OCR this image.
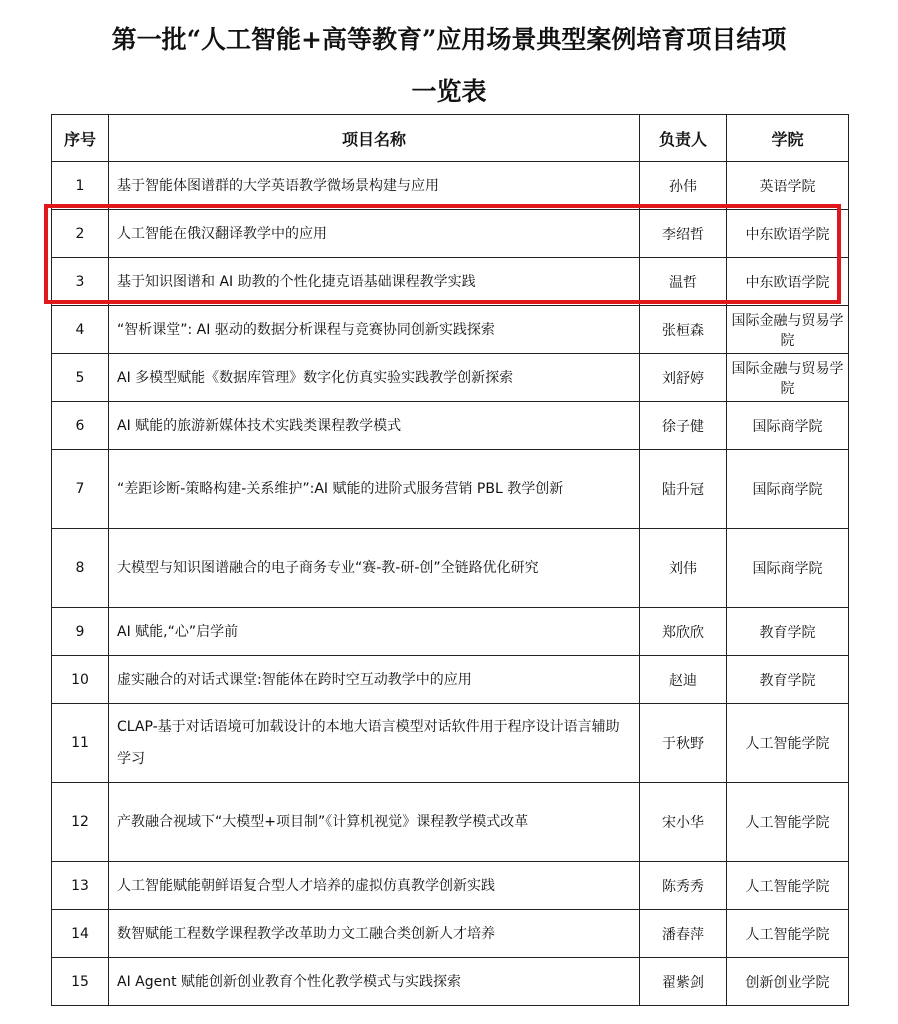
第一批“人工智能+高等教育”应用场景典型案例培育项目结项
一览表
序号	项目名称	负责人	学院
1	基于智能体图谱群的大学英语教学微场景构建与应用	孙伟	英语学院
2	人工智能在俄汉翻译教学中的应用	李绍哲	中东欧语学院
3	基于知识图谱和 AI 助教的个性化捷克语基础课程教学实践	温哲	中东欧语学院
4	“智析课堂”: AI 驱动的数据分析课程与竞赛协同创新实践探索	张桓森	国际金融与贸易学院
5	AI 多模型赋能《数据库管理》数字化仿真实验实践教学创新探索	刘舒婷	国际金融与贸易学院
6	AI 赋能的旅游新媒体技术实践类课程教学模式	徐子健	国际商学院
7	“差距诊断-策略构建-关系维护”:AI 赋能的进阶式服务营销 PBL 教学创新	陆升冠	国际商学院
8	大模型与知识图谱融合的电子商务专业“赛-教-研-创”全链路优化研究	刘伟	国际商学院
9	AI 赋能,“心”启学前	郑欣欣	教育学院
10	虚实融合的对话式课堂:智能体在跨时空互动教学中的应用	赵迪	教育学院
11	CLAP-基于对话语境可加载设计的本地大语言模型对话软件用于程序设计语言辅助学习	于秋野	人工智能学院
12	产教融合视域下“大模型+项目制”《计算机视觉》课程教学模式改革	宋小华	人工智能学院
13	人工智能赋能朝鲜语复合型人才培养的虚拟仿真教学创新实践	陈秀秀	人工智能学院
14	数智赋能工程数学课程教学改革助力文工融合类创新人才培养	潘春萍	人工智能学院
15	AI Agent 赋能创新创业教育个性化教学模式与实践探索	翟紫剑	创新创业学院
